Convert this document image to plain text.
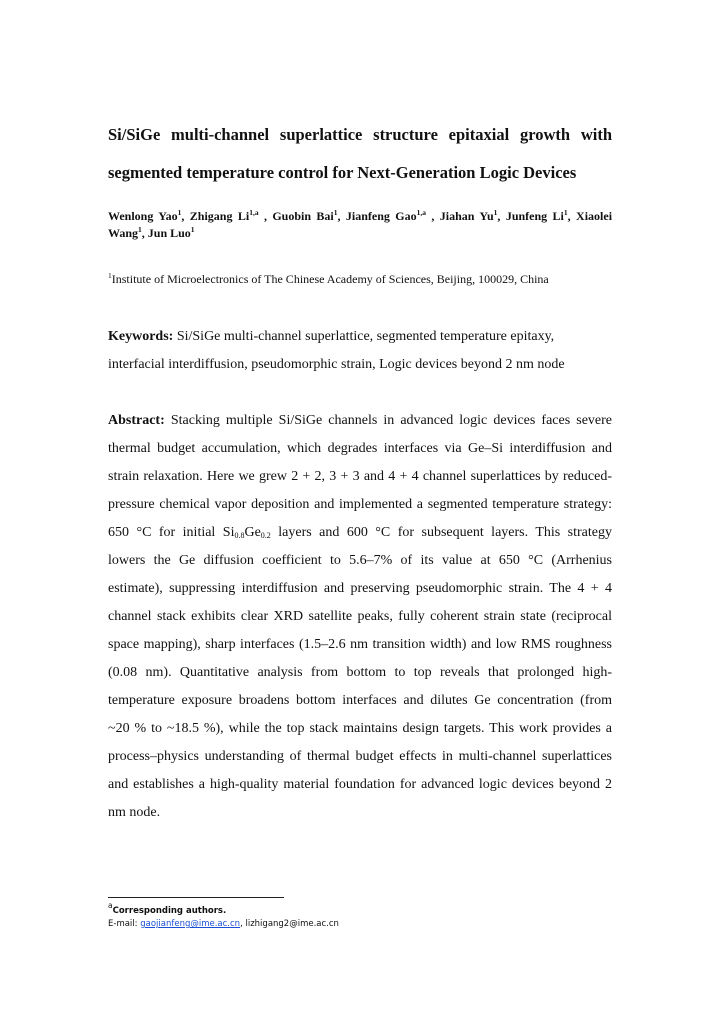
Si/SiGe multi-channel superlattice structure epitaxial growth with
segmented temperature control for Next-Generation Logic Devices
Wenlong Yao$^1$, Zhigang Li$^{1,a}$ , Guobin Bai$^1$, Jianfeng Gao$^{1,a}$ , Jiahan Yu$^1$, Junfeng Li$^1$, Xiaolei Wang$^1$, Jun Luo$^1$
$^1$Institute of Microelectronics of The Chinese Academy of Sciences, Beijing, 100029, China
Keywords: Si/SiGe multi-channel superlattice, segmented temperature epitaxy,
interfacial interdiffusion, pseudomorphic strain, Logic devices beyond 2 nm node
Abstract: Stacking multiple Si/SiGe channels in advanced logic devices faces severe
thermal budget accumulation, which degrades interfaces via Ge–Si interdiffusion and
strain relaxation. Here we grew 2 + 2, 3 + 3 and 4 + 4 channel superlattices by reduced-
pressure chemical vapor deposition and implemented a segmented temperature strategy:
650 °C for initial $Si_{0.8}Ge_{0.2}$ layers and 600 °C for subsequent layers. This strategy
lowers the Ge diffusion coefficient to 5.6–7% of its value at 650 °C (Arrhenius
estimate), suppressing interdiffusion and preserving pseudomorphic strain. The 4 + 4
channel stack exhibits clear XRD satellite peaks, fully coherent strain state (reciprocal
space mapping), sharp interfaces (1.5–2.6 nm transition width) and low RMS roughness
(0.08 nm). Quantitative analysis from bottom to top reveals that prolonged high-
temperature exposure broadens bottom interfaces and dilutes Ge concentration (from
~20 % to ~18.5 %), while the top stack maintains design targets. This work provides a
process–physics understanding of thermal budget effects in multi-channel superlattices
and establishes a high-quality material foundation for advanced logic devices beyond 2
nm node.
$^a$Corresponding authors.
E-mail: gaojianfeng@ime.ac.cn, lizhigang2@ime.ac.cn
